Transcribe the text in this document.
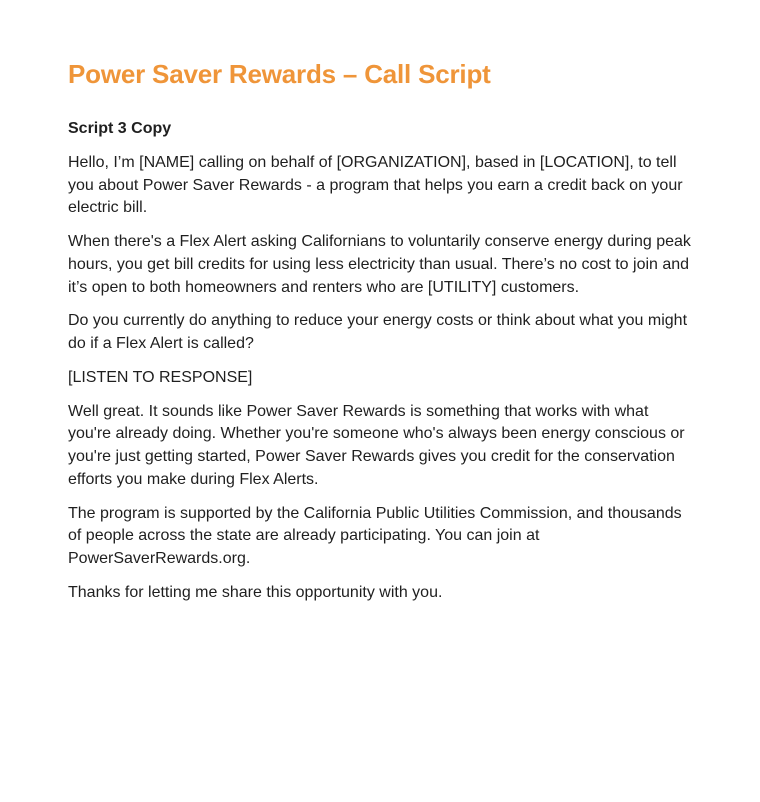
Power Saver Rewards – Call Script
Script 3 Copy

Hello, I’m [NAME] calling on behalf of [ORGANIZATION], based in [LOCATION], to tell you about Power Saver Rewards - a program that helps you earn a credit back on your electric bill.

When there's a Flex Alert asking Californians to voluntarily conserve energy during peak hours, you get bill credits for using less electricity than usual. There’s no cost to join and it’s open to both homeowners and renters who are [UTILITY] customers.

Do you currently do anything to reduce your energy costs or think about what you might do if a Flex Alert is called?

[LISTEN TO RESPONSE]

Well great. It sounds like Power Saver Rewards is something that works with what you're already doing. Whether you're someone who's always been energy conscious or you're just getting started, Power Saver Rewards gives you credit for the conservation efforts you make during Flex Alerts.

The program is supported by the California Public Utilities Commission, and thousands of people across the state are already participating. You can join at PowerSaverRewards.org.

Thanks for letting me share this opportunity with you.
